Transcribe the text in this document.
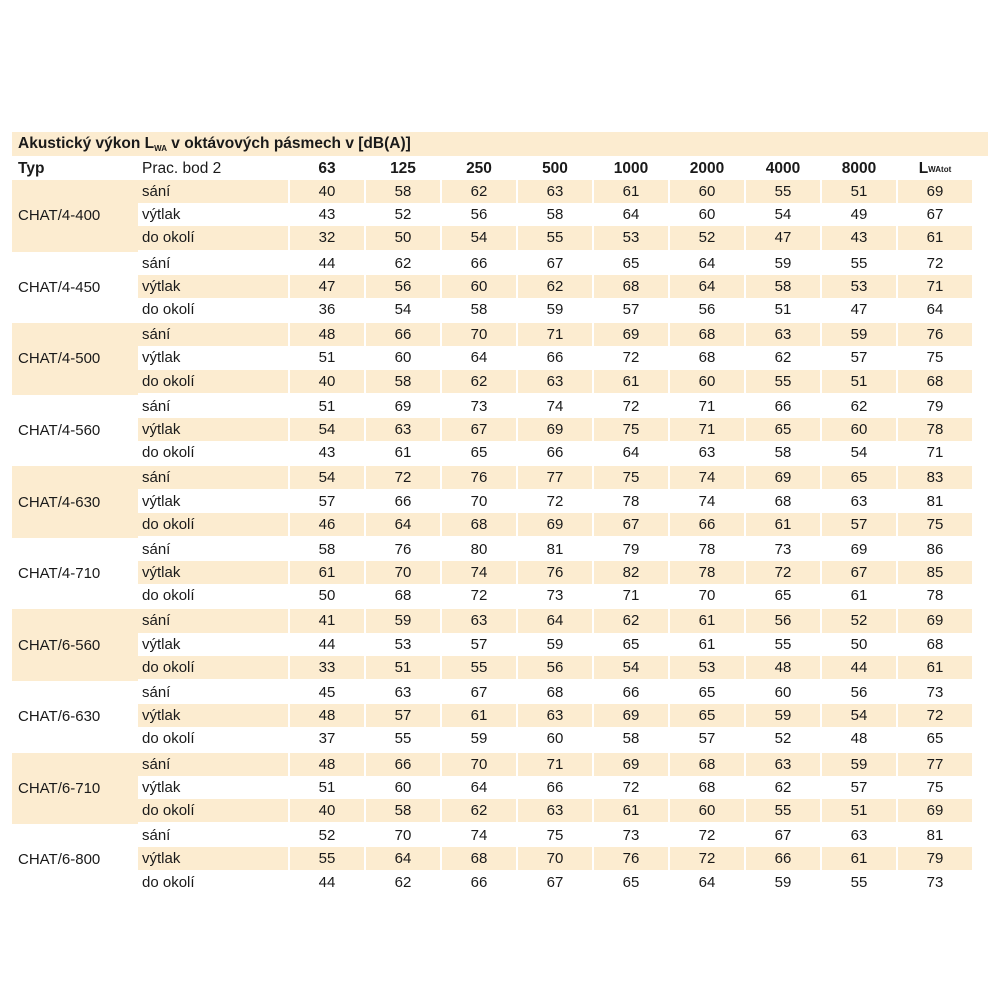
Akustický výkon $L_{WA}$ v oktávových pásmech v [dB(A)]
Typ	Prac. bod 2	63	125	250	500	1000	2000	4000	8000	L WAtot
CHAT/4-400
sání	40	58	62	63	61	60	55	51	69
výtlak	43	52	56	58	64	60	54	49	67
do okolí	32	50	54	55	53	52	47	43	61
CHAT/4-450
sání	44	62	66	67	65	64	59	55	72
výtlak	47	56	60	62	68	64	58	53	71
do okolí	36	54	58	59	57	56	51	47	64
CHAT/4-500
sání	48	66	70	71	69	68	63	59	76
výtlak	51	60	64	66	72	68	62	57	75
do okolí	40	58	62	63	61	60	55	51	68
CHAT/4-560
sání	51	69	73	74	72	71	66	62	79
výtlak	54	63	67	69	75	71	65	60	78
do okolí	43	61	65	66	64	63	58	54	71
CHAT/4-630
sání	54	72	76	77	75	74	69	65	83
výtlak	57	66	70	72	78	74	68	63	81
do okolí	46	64	68	69	67	66	61	57	75
CHAT/4-710
sání	58	76	80	81	79	78	73	69	86
výtlak	61	70	74	76	82	78	72	67	85
do okolí	50	68	72	73	71	70	65	61	78
CHAT/6-560
sání	41	59	63	64	62	61	56	52	69
výtlak	44	53	57	59	65	61	55	50	68
do okolí	33	51	55	56	54	53	48	44	61
CHAT/6-630
sání	45	63	67	68	66	65	60	56	73
výtlak	48	57	61	63	69	65	59	54	72
do okolí	37	55	59	60	58	57	52	48	65
CHAT/6-710
sání	48	66	70	71	69	68	63	59	77
výtlak	51	60	64	66	72	68	62	57	75
do okolí	40	58	62	63	61	60	55	51	69
CHAT/6-800
sání	52	70	74	75	73	72	67	63	81
výtlak	55	64	68	70	76	72	66	61	79
do okolí	44	62	66	67	65	64	59	55	73
